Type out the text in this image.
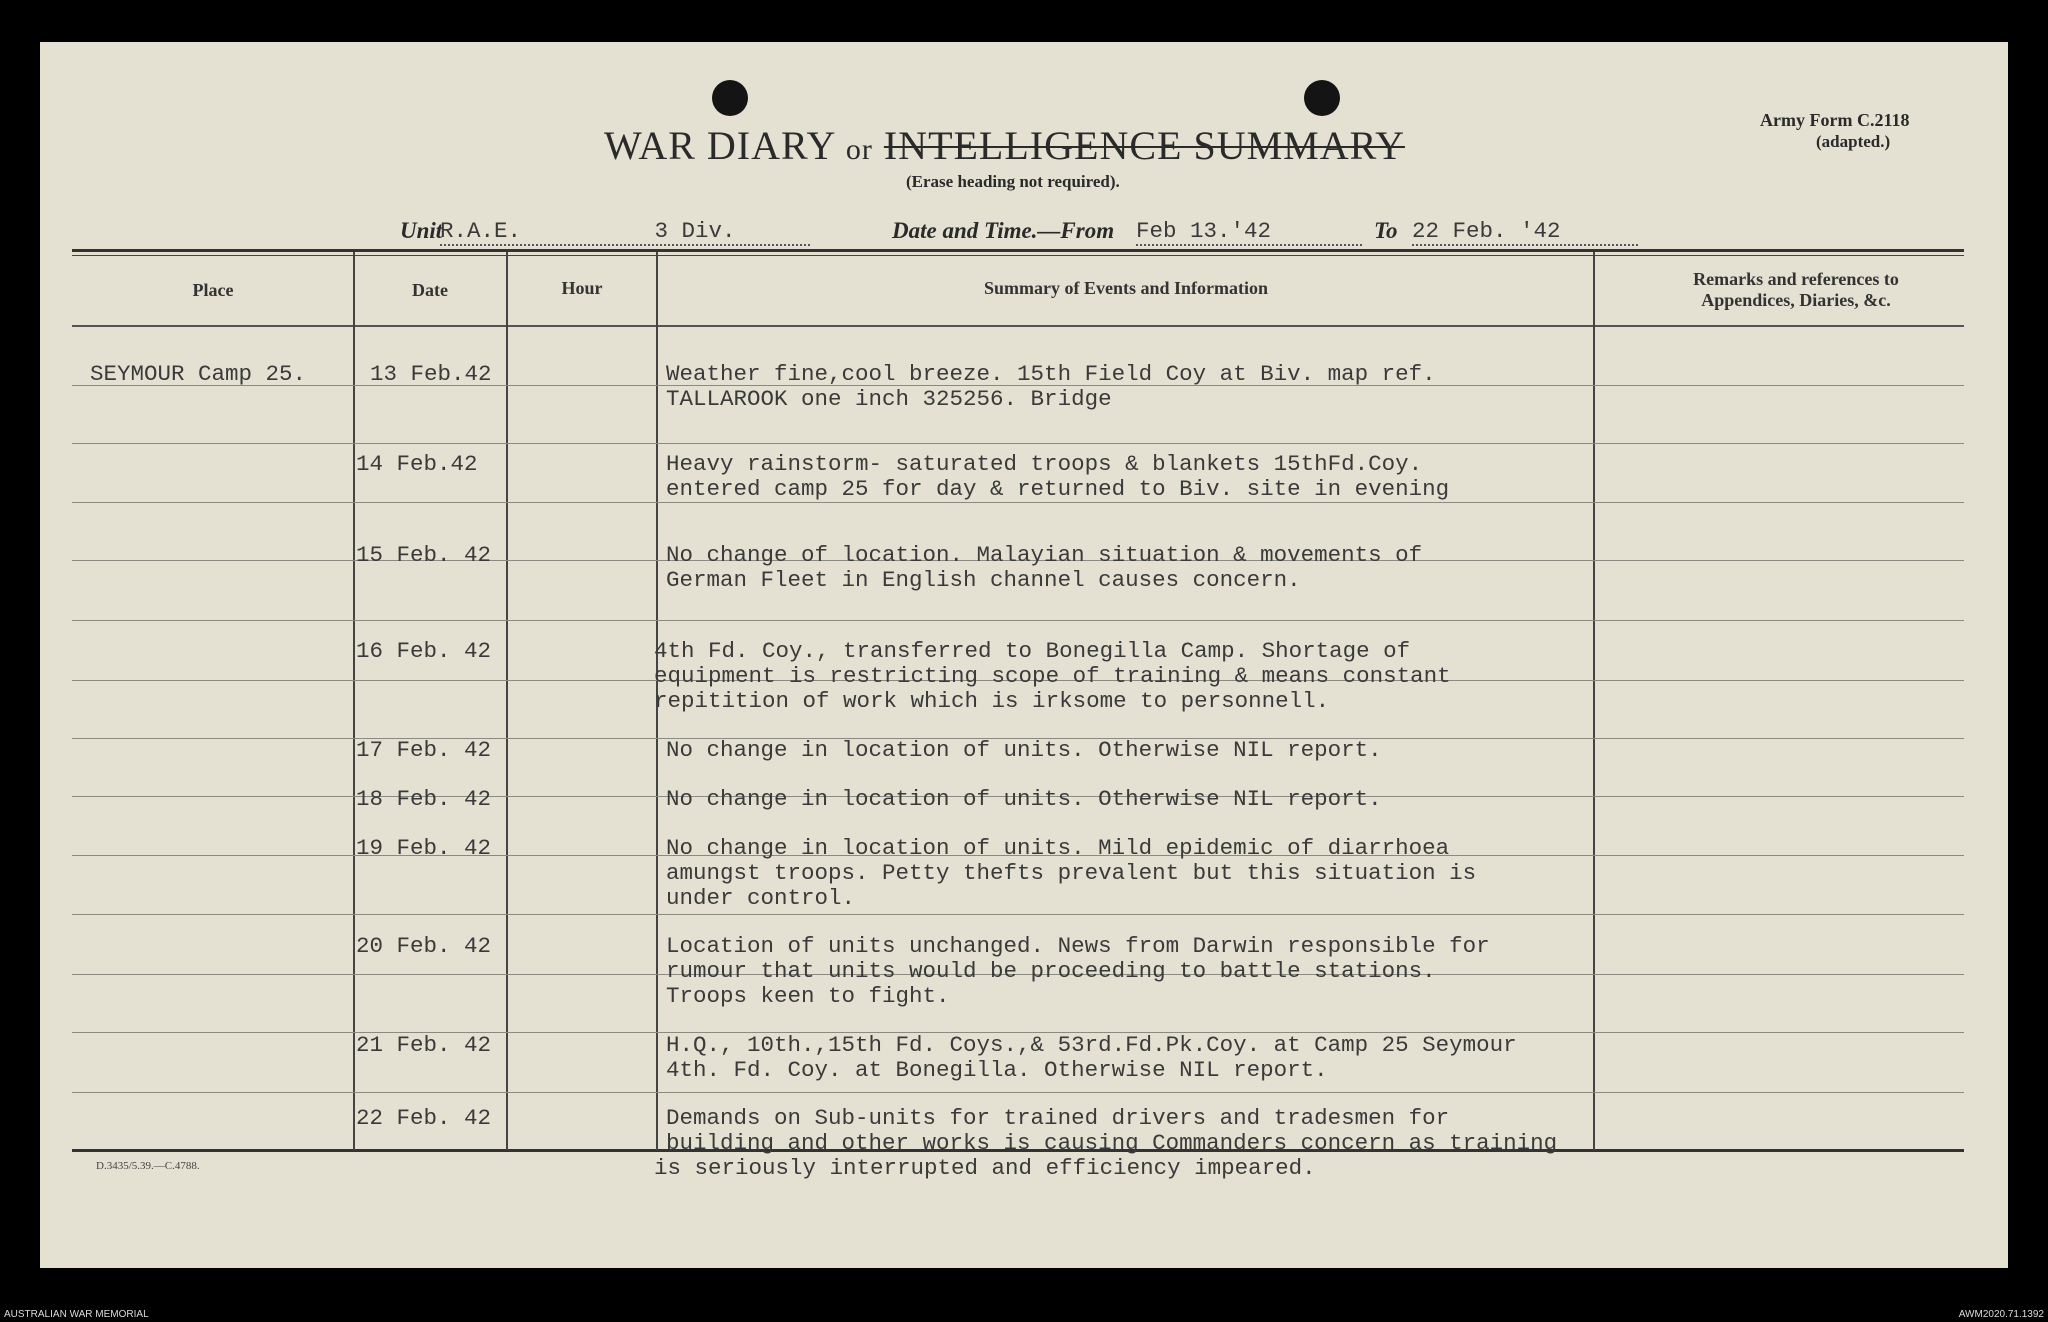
WAR DIARY or INTELLIGENCE SUMMARY
(Erase heading not required).
Army Form C.2118
(adapted.)
Unit
R.A.E.	3 Div.	Date and Time.—From Feb 13.'42	To 22 Feb. '42
Place	Date	Hour	Summary of Events and Information	Remarks and references to
Appendices, Diaries, &c.
SEYMOUR Camp 25.	13 Feb.42	Weather fine,cool breeze. 15th Field Coy at Biv. map ref.
TALLAROOK one inch 325256. Bridge
14 Feb.42	Heavy rainstorm- saturated troops & blankets 15thFd.Coy.
entered camp 25 for day & returned to Biv. site in evening
15 Feb. 42	No change of location. Malayian situation & movements of
German Fleet in English channel causes concern.
16 Feb. 42	4th Fd. Coy., transferred to Bonegilla Camp. Shortage of
equipment is restricting scope of training & means constant
repitition of work which is irksome to personnell.
17 Feb. 42	No change in location of units. Otherwise NIL report.
18 Feb. 42	No change in location of units. Otherwise NIL report.
19 Feb. 42	No change in location of units. Mild epidemic of diarrhoea
amungst troops. Petty thefts prevalent but this situation is
under control.
20 Feb. 42	Location of units unchanged. News from Darwin responsible for
rumour that units would be proceeding to battle stations.
Troops keen to fight.
21 Feb. 42	H.Q., 10th.,15th Fd. Coys.,& 53rd.Fd.Pk.Coy. at Camp 25 Seymour
4th. Fd. Coy. at Bonegilla. Otherwise NIL report.
22 Feb. 42	Demands on Sub-units for trained drivers and tradesmen for
building and other works is causing Commanders concern as training
is seriously interrupted and efficiency impeared.
D.3435/5.39.—C.4788.
AUSTRALIAN WAR MEMORIAL	AWM2020.71.1392
